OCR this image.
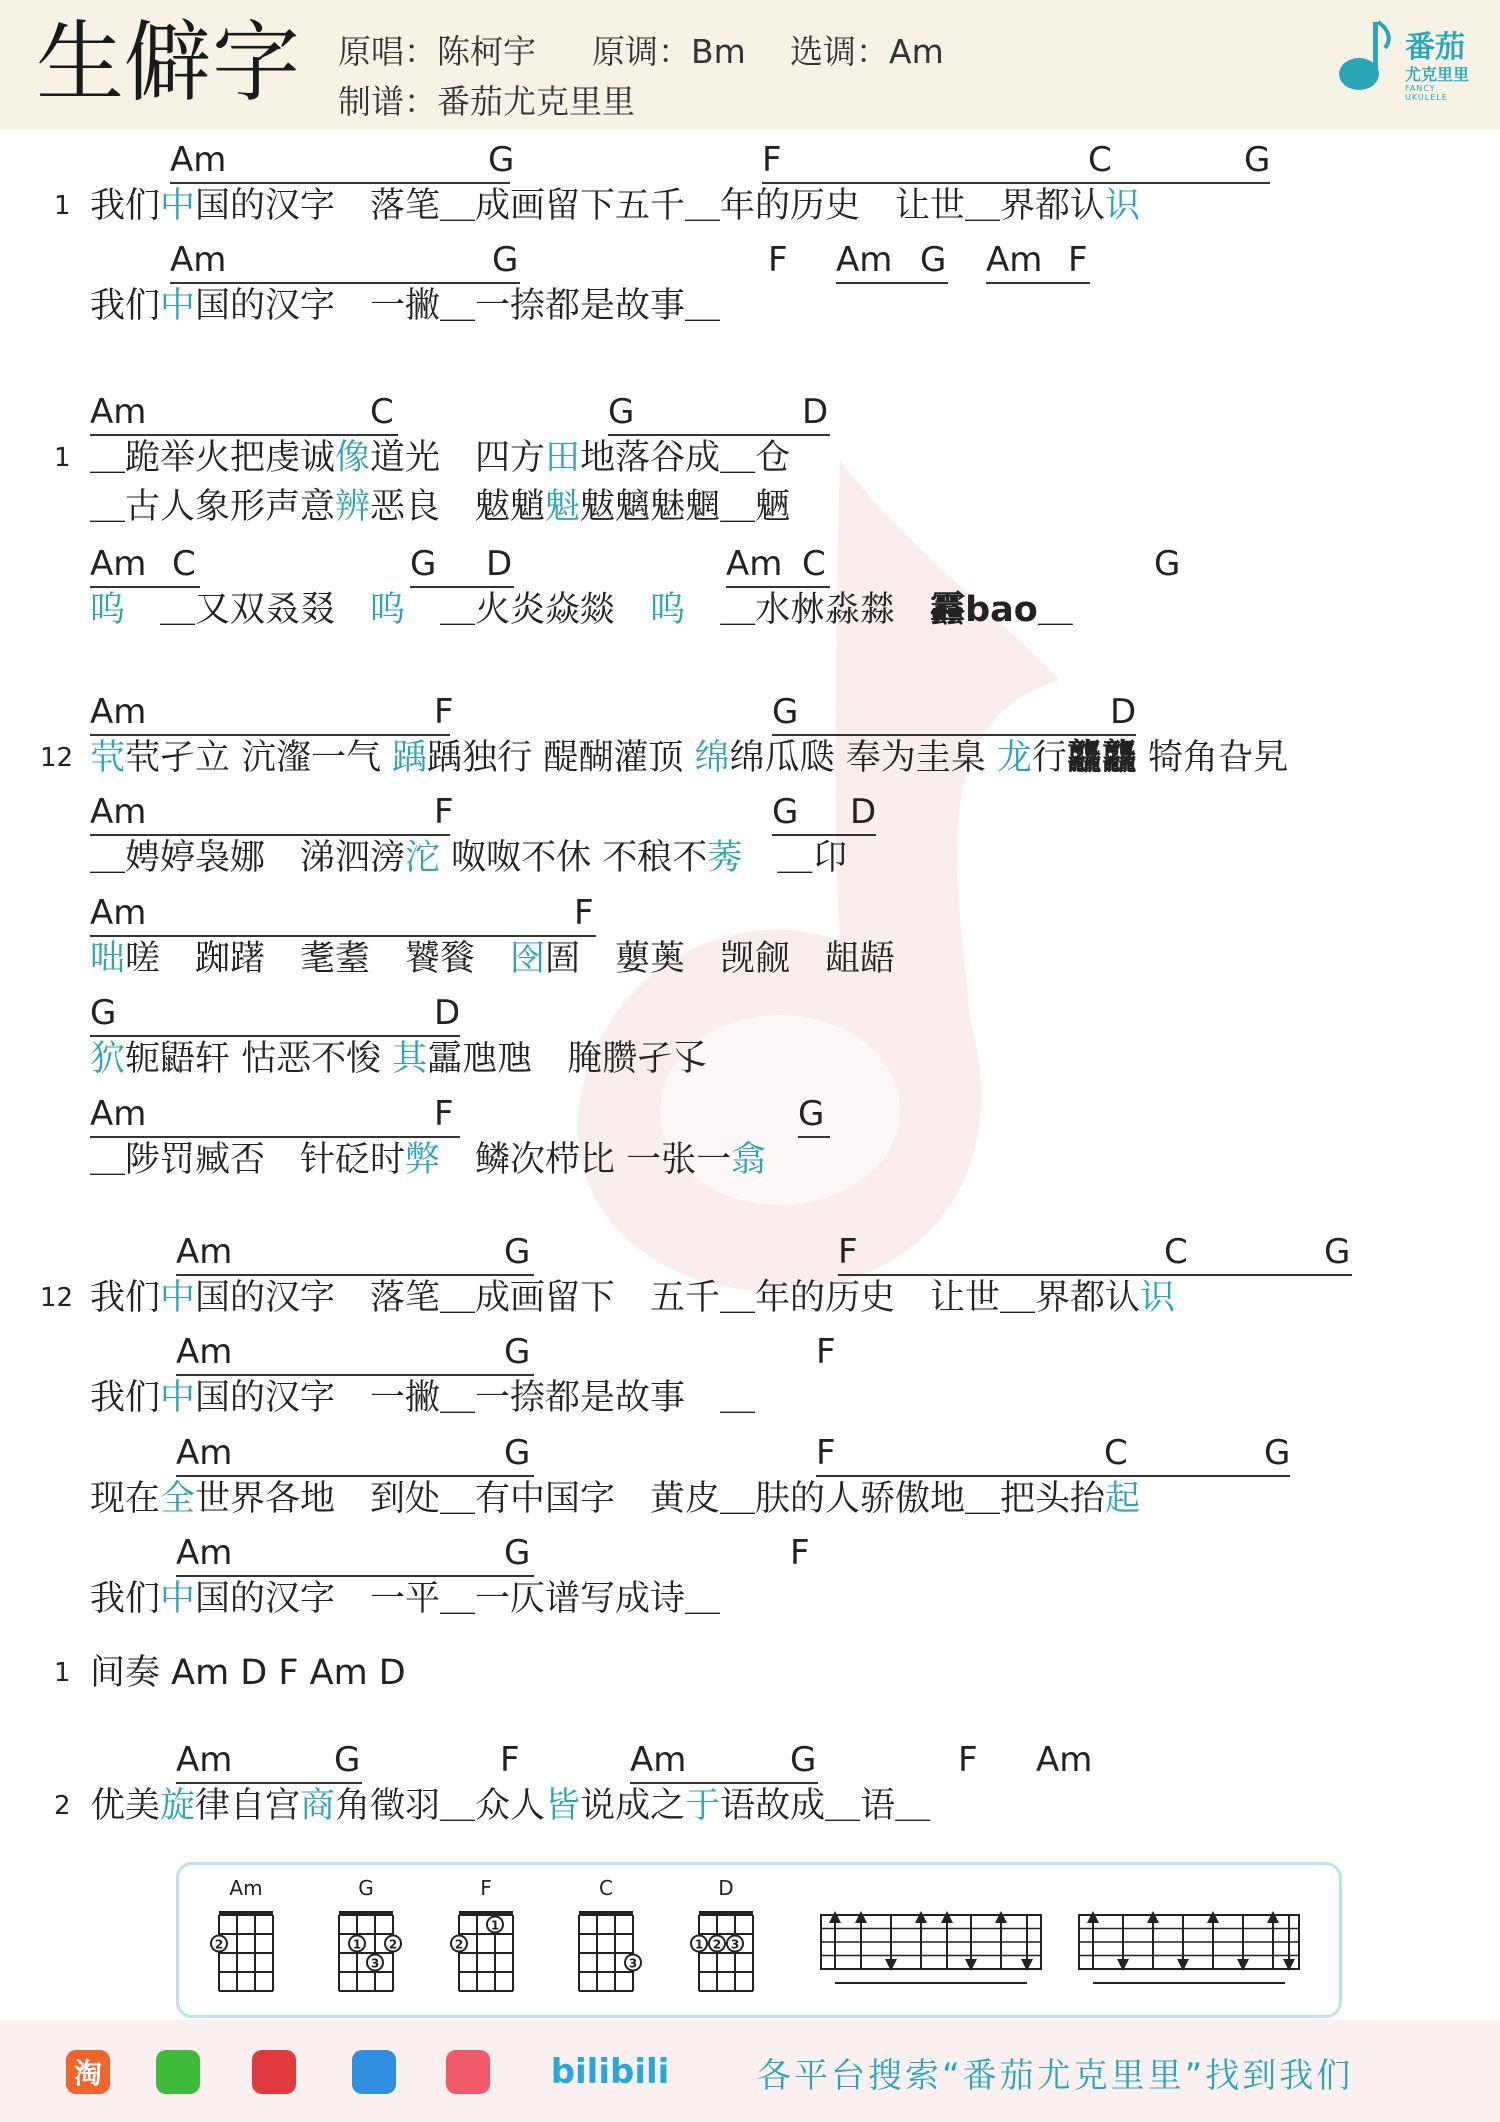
生僻字 原唱：陈柯宇 原调：Bm 选调：Am
制谱：番茄尤克里里
番茄
尤克里里
FANCY UKULELE
1
Am	G	F	C	G
我们中国的汉字　落笔＿成画留下五千＿年的历史　让世＿界都认识
Am	G	F Am G Am F
我们中国的汉字　一撇＿一捺都是故事＿
1
Am	C	G	D
＿跪举火把虔诚像道光　四方田地落谷成＿仓
＿古人象形声意辨恶良　魃魈魁魃魑魅魍＿魉
Am C	G D	Am C	G
呜　＿又双叒叕　呜　＿火炎焱燚　呜　＿水沝淼㵘　䨺bao＿
12
Am	F	G	D
茕茕孑立 沆瀣一气 踽踽独行 醍醐灌顶 绵绵瓜瓞 奉为圭臬 龙行龘龘 犄角旮旯
Am	F	G D
＿娉婷袅娜　涕泗滂沱 呶呶不休 不稂不莠　＿卬
Am	F
咄嗟　踟躇　耄耋　饕餮　囹圄　蘡薁　觊觎　龃龉
G	D
狖轭鼯轩 怙恶不悛 其靁虺虺　腌臜孑孓
Am	F	G
＿陟罚臧否　针砭时弊　鳞次栉比 一张一翕
12
Am	G	F	C	G
我们中国的汉字　落笔＿成画留下　五千＿年的历史　让世＿界都认识
Am	G	F
我们中国的汉字　一撇＿一捺都是故事　＿
Am	G	F	C	G
现在全世界各地　到处＿有中国字　黄皮＿肤的人骄傲地＿把头抬起
Am	G	F
我们中国的汉字　一平＿一仄谱写成诗＿
1 间奏 Am D F Am D
2
Am	G	F	Am	G	F Am
优美旋律自宫商角徵羽＿众人皆说成之于语故成＿语＿
Am
2
G
1 2
3
F
2
1
C
3
D
1 2 3
淘	bilibili	各平台搜索“番茄尤克里里”找到我们
